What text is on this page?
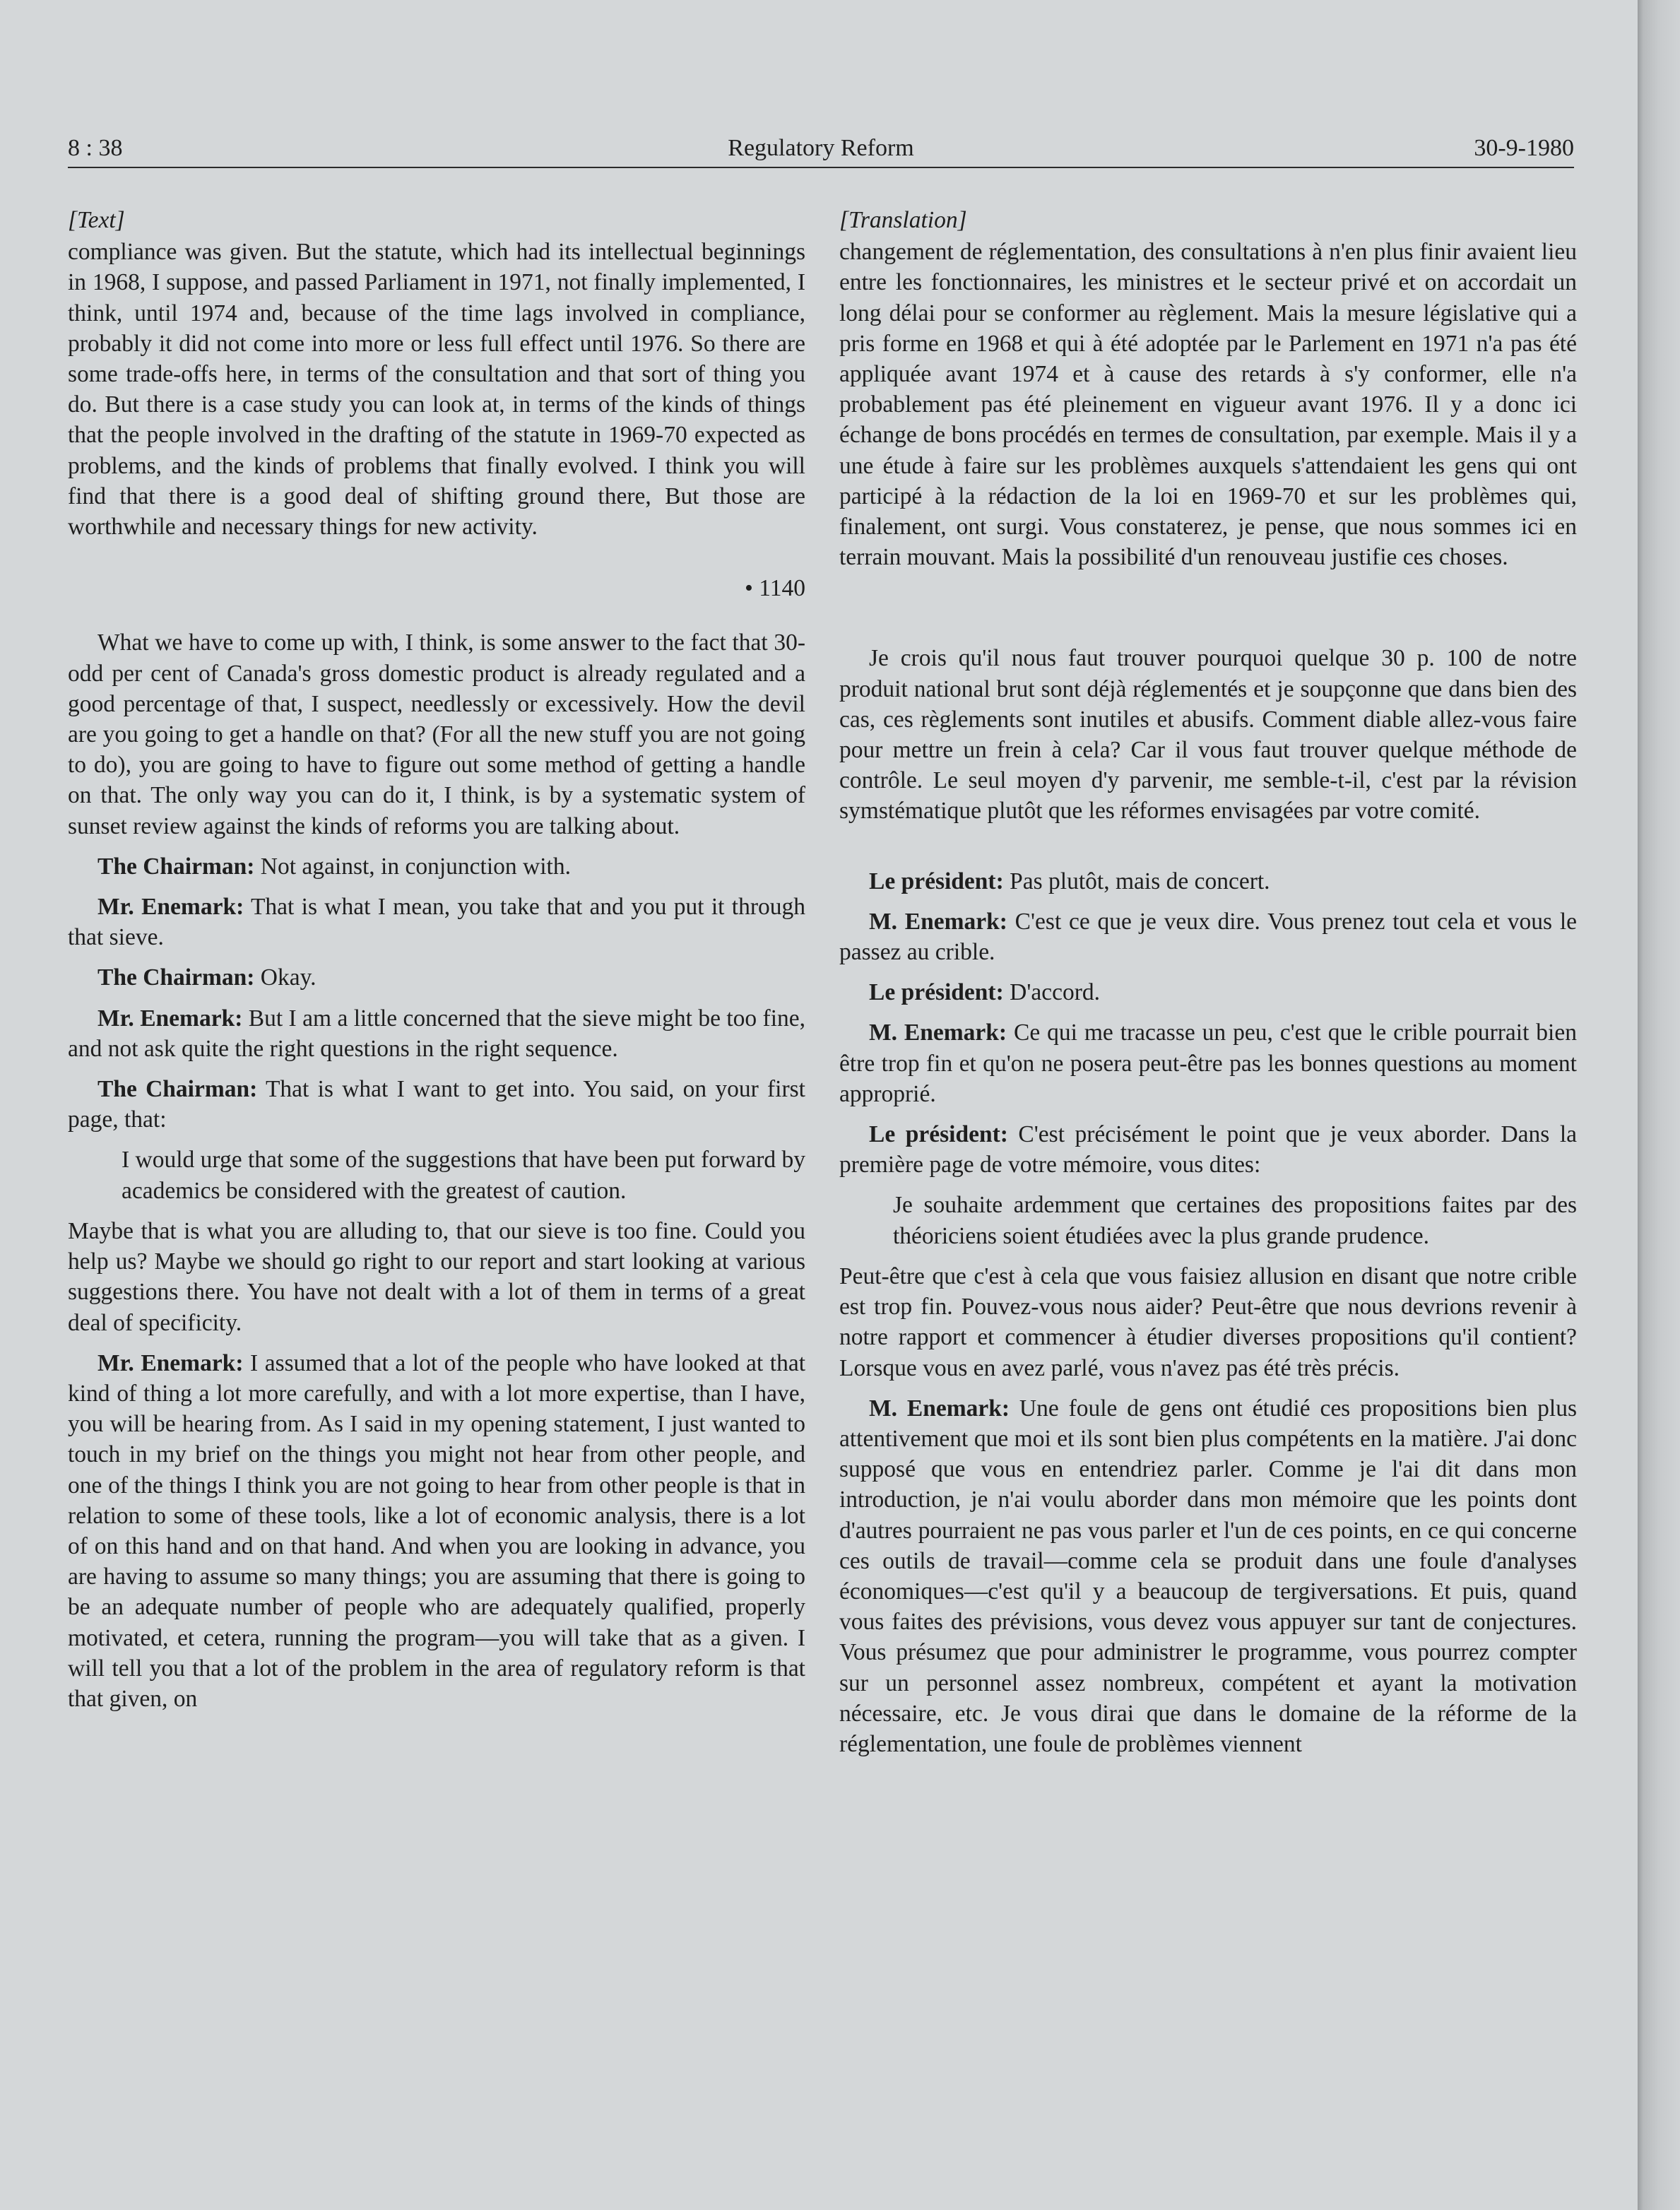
8 : 38	Regulatory Reform	30-9-1980
[Text]

compliance was given. But the statute, which had its intellectual beginnings in 1968, I suppose, and passed Parliament in 1971, not finally implemented, I think, until 1974 and, because of the time lags involved in compliance, probably it did not come into more or less full effect until 1976. So there are some trade-offs here, in terms of the consultation and that sort of thing you do. But there is a case study you can look at, in terms of the kinds of things that the people involved in the drafting of the statute in 1969-70 expected as problems, and the kinds of problems that finally evolved. I think you will find that there is a good deal of shifting ground there, But those are worthwhile and necessary things for new activity.

• 1140

What we have to come up with, I think, is some answer to the fact that 30-odd per cent of Canada's gross domestic product is already regulated and a good percentage of that, I suspect, needlessly or excessively. How the devil are you going to get a handle on that? (For all the new stuff you are not going to do), you are going to have to figure out some method of getting a handle on that. The only way you can do it, I think, is by a systematic system of sunset review against the kinds of reforms you are talking about.

The Chairman: Not against, in conjunction with.

Mr. Enemark: That is what I mean, you take that and you put it through that sieve.

The Chairman: Okay.

Mr. Enemark: But I am a little concerned that the sieve might be too fine, and not ask quite the right questions in the right sequence.

The Chairman: That is what I want to get into. You said, on your first page, that:

I would urge that some of the suggestions that have been put forward by academics be considered with the greatest of caution.

Maybe that is what you are alluding to, that our sieve is too fine. Could you help us? Maybe we should go right to our report and start looking at various suggestions there. You have not dealt with a lot of them in terms of a great deal of specificity.

Mr. Enemark: I assumed that a lot of the people who have looked at that kind of thing a lot more carefully, and with a lot more expertise, than I have, you will be hearing from. As I said in my opening statement, I just wanted to touch in my brief on the things you might not hear from other people, and one of the things I think you are not going to hear from other people is that in relation to some of these tools, like a lot of economic analysis, there is a lot of on this hand and on that hand. And when you are looking in advance, you are having to assume so many things; you are assuming that there is going to be an adequate number of people who are adequately qualified, properly motivated, et cetera, running the program—you will take that as a given. I will tell you that a lot of the problem in the area of regulatory reform is that that given, on

[Translation]

changement de réglementation, des consultations à n'en plus finir avaient lieu entre les fonctionnaires, les ministres et le secteur privé et on accordait un long délai pour se conformer au règlement. Mais la mesure législative qui a pris forme en 1968 et qui à été adoptée par le Parlement en 1971 n'a pas été appliquée avant 1974 et à cause des retards à s'y conformer, elle n'a probablement pas été pleinement en vigueur avant 1976. Il y a donc ici échange de bons procédés en termes de consultation, par exemple. Mais il y a une étude à faire sur les problèmes auxquels s'attendaient les gens qui ont participé à la rédaction de la loi en 1969-70 et sur les problèmes qui, finalement, ont surgi. Vous constaterez, je pense, que nous sommes ici en terrain mouvant. Mais la possibilité d'un renouveau justifie ces choses.

Je crois qu'il nous faut trouver pourquoi quelque 30 p. 100 de notre produit national brut sont déjà réglementés et je soupçonne que dans bien des cas, ces règlements sont inutiles et abusifs. Comment diable allez-vous faire pour mettre un frein à cela? Car il vous faut trouver quelque méthode de contrôle. Le seul moyen d'y parvenir, me semble-t-il, c'est par la révision symstématique plutôt que les réformes envisagées par votre comité.

Le président: Pas plutôt, mais de concert.

M. Enemark: C'est ce que je veux dire. Vous prenez tout cela et vous le passez au crible.

Le président: D'accord.

M. Enemark: Ce qui me tracasse un peu, c'est que le crible pourrait bien être trop fin et qu'on ne posera peut-être pas les bonnes questions au moment approprié.

Le président: C'est précisément le point que je veux aborder. Dans la première page de votre mémoire, vous dites:

Je souhaite ardemment que certaines des propositions faites par des théoriciens soient étudiées avec la plus grande prudence.

Peut-être que c'est à cela que vous faisiez allusion en disant que notre crible est trop fin. Pouvez-vous nous aider? Peut-être que nous devrions revenir à notre rapport et commencer à étudier diverses propositions qu'il contient? Lorsque vous en avez parlé, vous n'avez pas été très précis.

M. Enemark: Une foule de gens ont étudié ces propositions bien plus attentivement que moi et ils sont bien plus compétents en la matière. J'ai donc supposé que vous en entendriez parler. Comme je l'ai dit dans mon introduction, je n'ai voulu aborder dans mon mémoire que les points dont d'autres pourraient ne pas vous parler et l'un de ces points, en ce qui concerne ces outils de travail—comme cela se produit dans une foule d'analyses économiques—c'est qu'il y a beaucoup de tergiversations. Et puis, quand vous faites des prévisions, vous devez vous appuyer sur tant de conjectures. Vous présumez que pour administrer le programme, vous pourrez compter sur un personnel assez nombreux, compétent et ayant la motivation nécessaire, etc. Je vous dirai que dans le domaine de la réforme de la réglementation, une foule de problèmes viennent
